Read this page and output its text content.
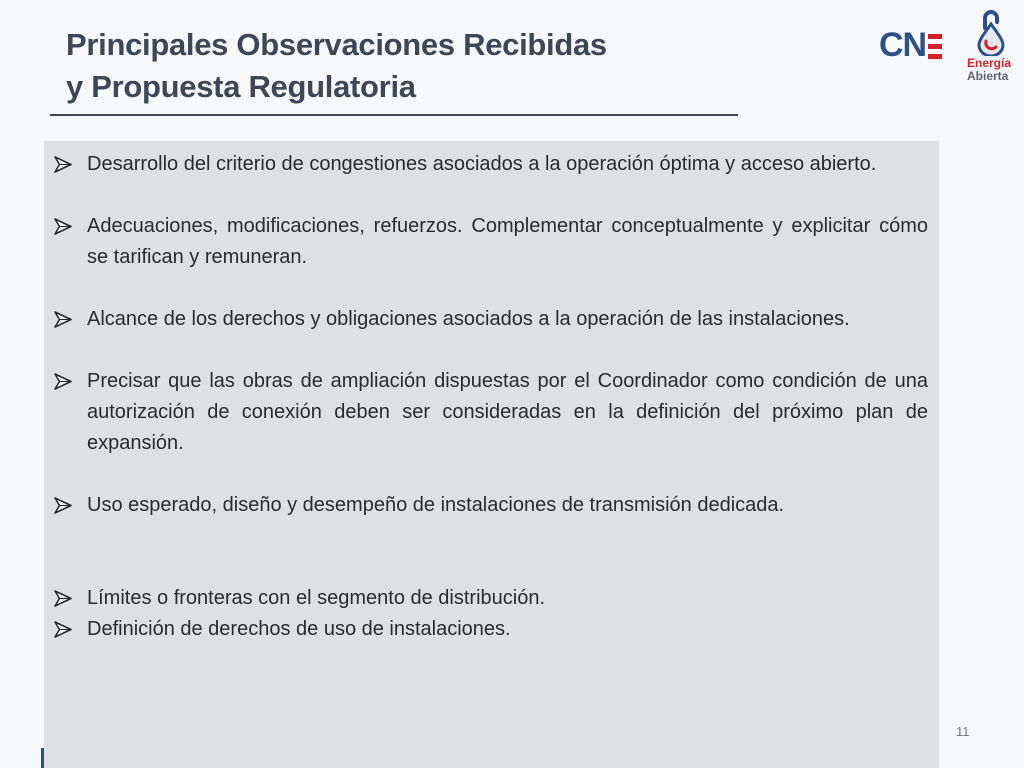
Principales Observaciones Recibidas
y Propuesta Regulatoria
CN	Energía
Abierta
Desarrollo del criterio de congestiones asociados a la operación óptima y acceso abierto.
Adecuaciones, modificaciones, refuerzos. Complementar conceptualmente y explicitar cómo se tarifican y remuneran.
Alcance de los derechos y obligaciones asociados a la operación de las instalaciones.
Precisar que las obras de ampliación dispuestas por el Coordinador como condición de una autorización de conexión deben ser consideradas en la definición del próximo plan de expansión.
Uso esperado, diseño y desempeño de instalaciones de transmisión dedicada.
Límites o fronteras con el segmento de distribución.
Definición de derechos de uso de instalaciones.
11
